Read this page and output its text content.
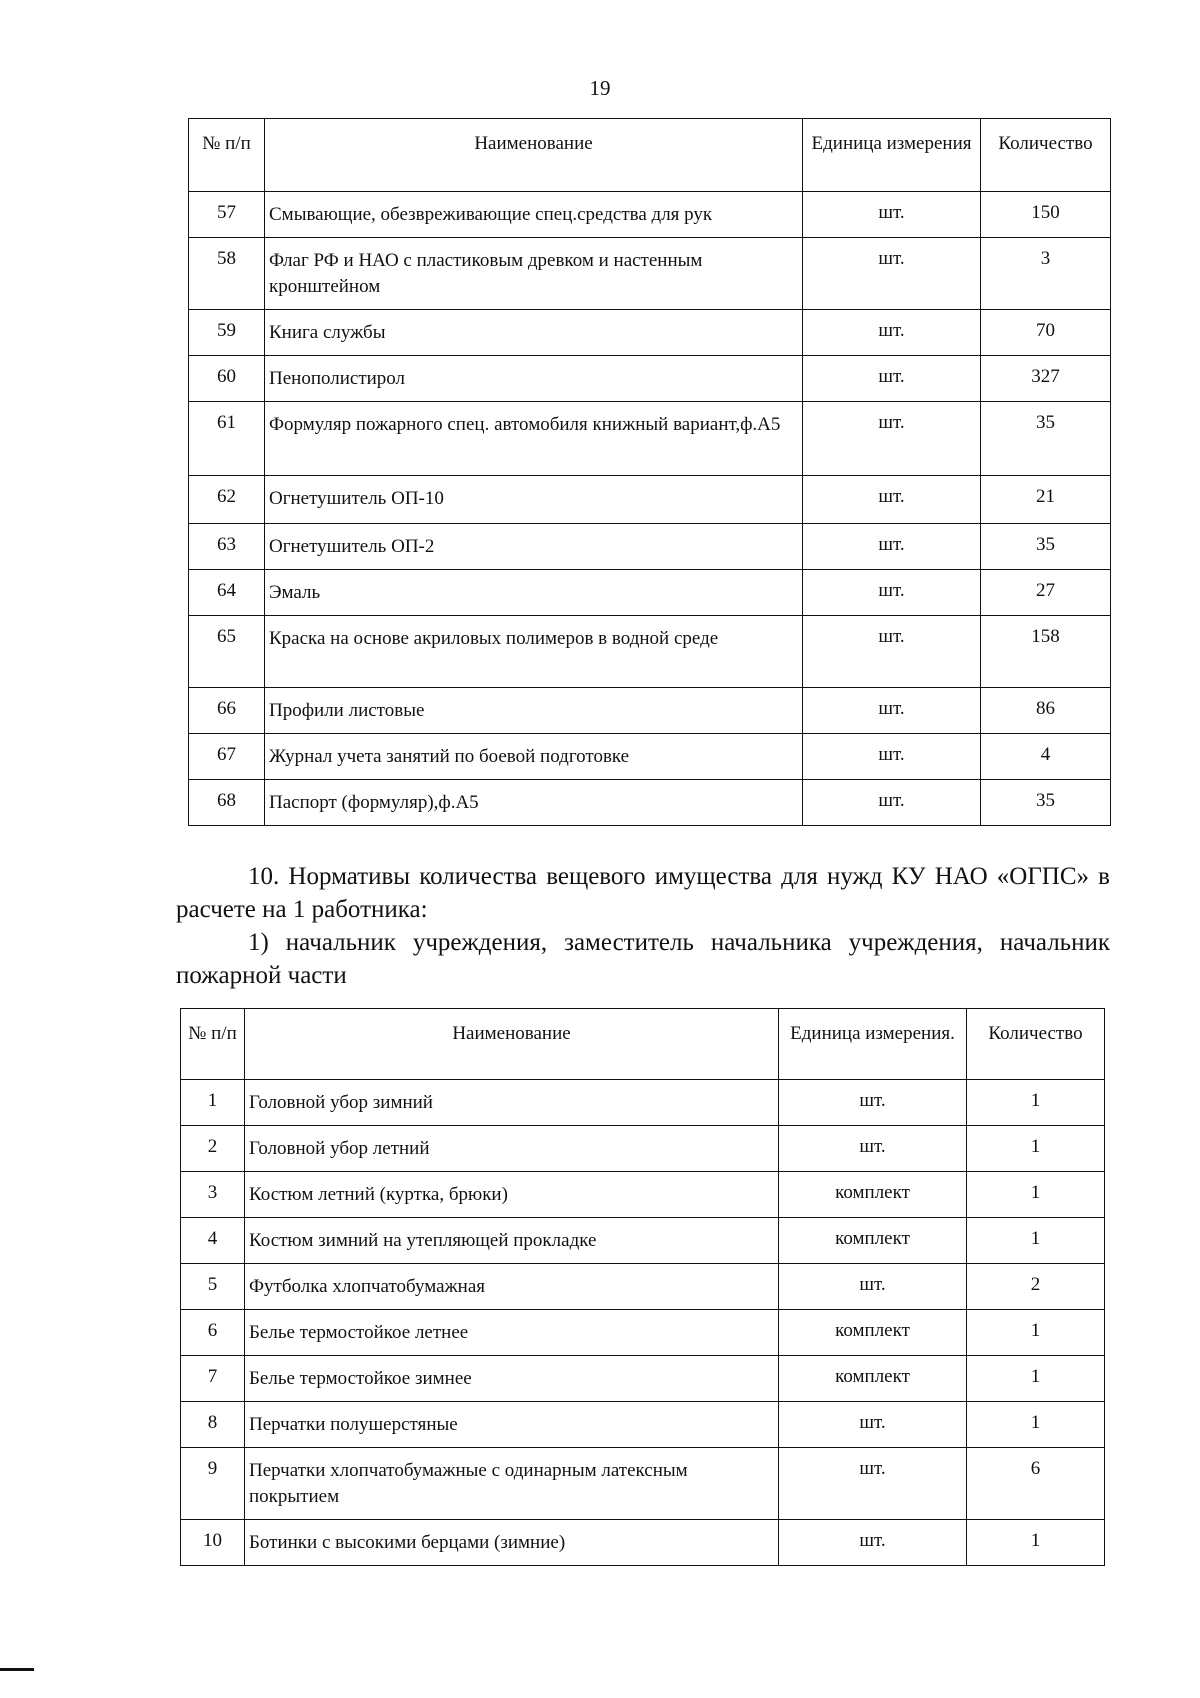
19
№ п/п	Наименование	Единица измерения	Количество
57	Смывающие, обезвреживающие спец.средства для рук	шт.	150
58	Флаг РФ и НАО с пластиковым древком и настенным кронштейном	шт.	3
59	Книга службы	шт.	70
60	Пенополистирол	шт.	327
61	Формуляр пожарного спец. автомобиля книжный вариант,ф.А5	шт.	35
62	Огнетушитель ОП-10	шт.	21
63	Огнетушитель ОП-2	шт.	35
64	Эмаль	шт.	27
65	Краска на основе акриловых полимеров в водной среде	шт.	158
66	Профили листовые	шт.	86
67	Журнал учета занятий по боевой подготовке	шт.	4
68	Паспорт (формуляр),ф.А5	шт.	35
10. Нормативы количества вещевого имущества для нужд КУ НАО «ОГПС» в расчете на 1 работника:
1) начальник учреждения, заместитель начальника учреждения, начальник пожарной части
№ п/п	Наименование	Единица измерения.	Количество
1	Головной убор зимний	шт.	1
2	Головной убор летний	шт.	1
3	Костюм летний (куртка, брюки)	комплект	1
4	Костюм зимний на утепляющей прокладке	комплект	1
5	Футболка хлопчатобумажная	шт.	2
6	Белье термостойкое летнее	комплект	1
7	Белье термостойкое зимнее	комплект	1
8	Перчатки полушерстяные	шт.	1
9	Перчатки хлопчатобумажные с одинарным латексным покрытием	шт.	6
10	Ботинки с высокими берцами (зимние)	шт.	1
